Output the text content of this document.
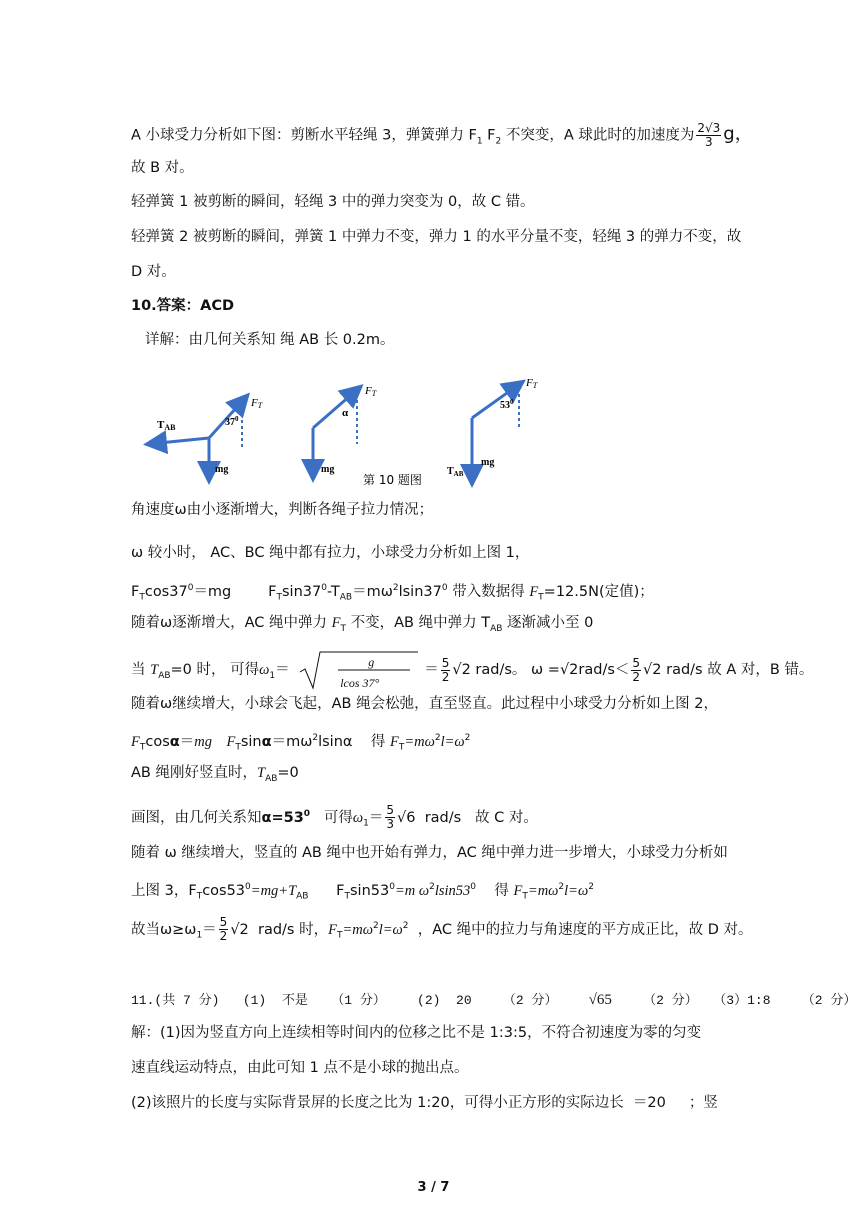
A 小球受力分析如下图：剪断水平轻绳 3，弹簧弹力 $F_1$ $F_2$ 不突变，A 球此时的加速度为 $\frac{2√3}{3}$ g，
故 B 对。
轻弹簧 1 被剪断的瞬间，轻绳 3 中的弹力突变为 0，故 C 错。
轻弹簧 2 被剪断的瞬间，弹簧 1 中弹力不变，弹力 1 的水平分量不变，轻绳 3 的弹力不变，故
D 对。
10.答案：ACD
详解：由几何关系知 绳 AB 长 0.2m。
TAB
FT
$37^0$
mg
FT
α
mg
FT
$53^0$
mg
$T_{AB}$
第 10 题图
角速度ω由小逐渐增大，判断各绳子拉力情况；
ω 较小时， AC、BC 绳中都有拉力，小球受力分析如上图 1，
$F_T\cos 37^0=mg$	$F_T\sin 37^0-T_{AB}=m\omega^2lsin37^0$ 带入数据得 $F_T=12.5N$(定值)；
随着ω逐渐增大，AC 绳中弹力 $F_T$ 不变，AB 绳中弹力 $T_{AB}$ 逐渐减小至 0
当 $T_{AB}=0$ 时， 可得$\omega_1=$	g
lcos 37°
＝ $\frac{5}{2} √2$ rad/s。 $\omega =√2rad/s< \frac{5}{2} √2$ rad/s 故 A 对，B 错。
随着ω继续增大，小球会飞起，AB 绳会松弛，直至竖直。此过程中小球受力分析如上图 2，
$F_T\cos\alpha=mg$    $F_T\sin\alpha=m\omega^2lsin\alpha$    得 $F_T=m\omega^2l=\omega^2$
AB 绳刚好竖直时，$T_{AB}=0$
画图，由几何关系知$\alpha=53^0$   可得$\omega_1= \frac{5}{3} √6$  rad/s   故 C 对。
随着 ω 继续增大，竖直的 AB 绳中也开始有弹力，AC 绳中弹力进一步增大，小球受力分析如
上图 3，$F_T\cos 53^0=mg+T_{AB}$      $F_T\sin 53^0=m$ $\omega^2lsin53^0$    得 $F_T=m\omega^2l=\omega^2$
故当$\omega\ge\omega_1= \frac{5}{2} √2$  rad/s 时，$F_T=m\omega^2l=\omega^2$  ，AC 绳中的拉力与角速度的平方成正比，故 D 对。
11.(共 7 分)   (1)  不是   （1 分）    (2)  20    （2 分）    √65    （2 分）  （3）1:8    （2 分）
解：(1)因为竖直方向上连续相等时间内的位移之比不是 1:3:5，不符合初速度为零的匀变
速直线运动特点，由此可知 1 点不是小球的抛出点。
(2)该照片的长度与实际背景屏的长度之比为 1:20，可得小正方形的实际边长  ＝20     ；竖
3 / 7
